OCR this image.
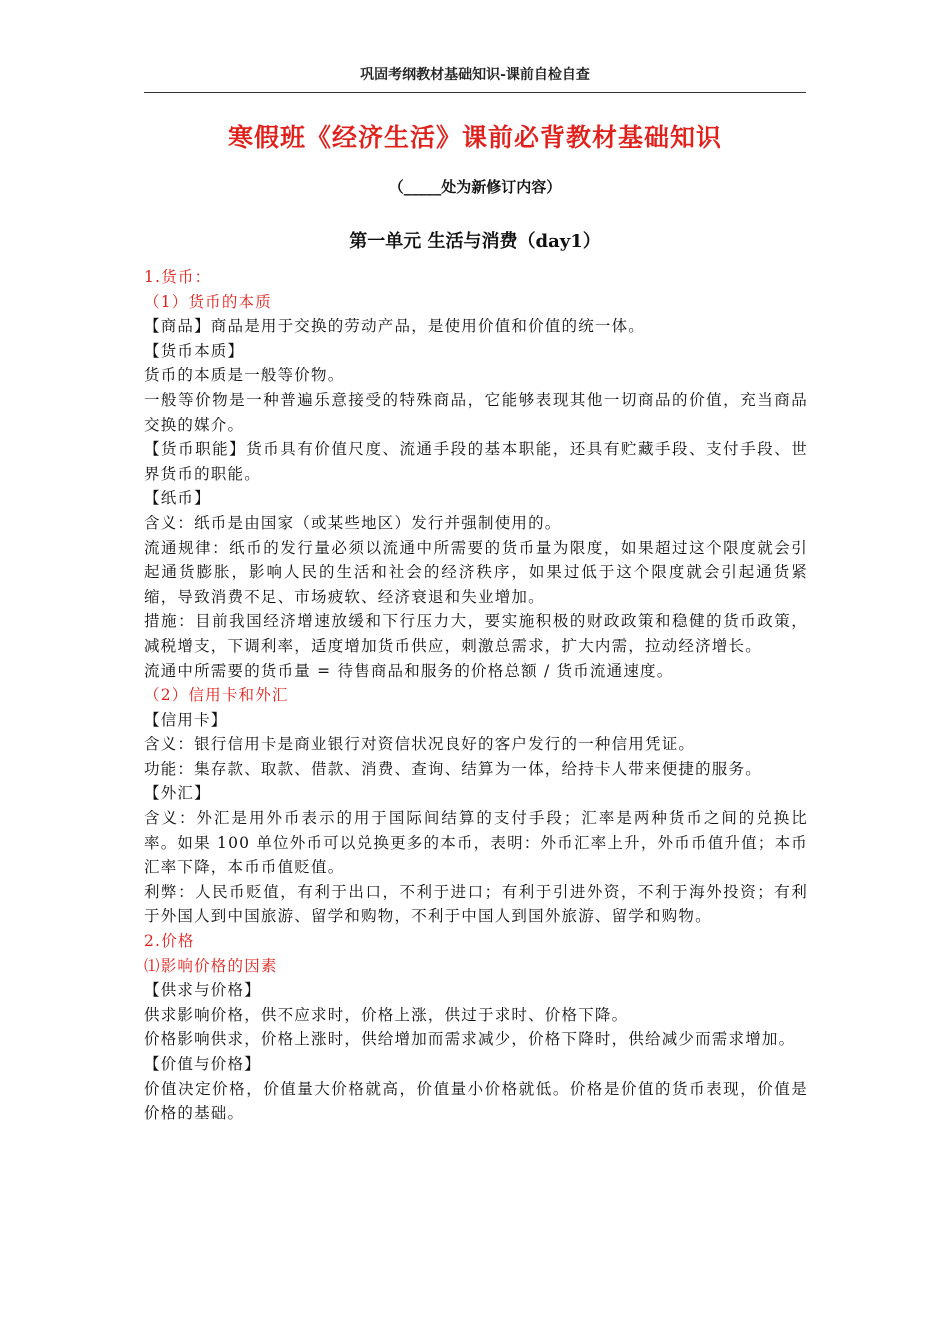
巩固考纲教材基础知识-课前自检自查
寒假班《经济生活》课前必背教材基础知识
（_____处为新修订内容）
第一单元 生活与消费（day1）

1.货币：

（1）货币的本质

【商品】商品是用于交换的劳动产品，是使用价值和价值的统一体。

【货币本质】

货币的本质是一般等价物。

一般等价物是一种普遍乐意接受的特殊商品，它能够表现其他一切商品的价值，充当商品交换的媒介。

【货币职能】货币具有价值尺度、流通手段的基本职能，还具有贮藏手段、支付手段、世界货币的职能。

【纸币】

含义：纸币是由国家（或某些地区）发行并强制使用的。

流通规律：纸币的发行量必须以流通中所需要的货币量为限度，如果超过这个限度就会引起通货膨胀，影响人民的生活和社会的经济秩序，如果过低于这个限度就会引起通货紧缩，导致消费不足、市场疲软、经济衰退和失业增加。

措施：目前我国经济增速放缓和下行压力大，要实施积极的财政政策和稳健的货币政策，减税增支，下调利率，适度增加货币供应，刺激总需求，扩大内需，拉动经济增长。

流通中所需要的货币量 = 待售商品和服务的价格总额 / 货币流通速度。

（2）信用卡和外汇

【信用卡】

含义：银行信用卡是商业银行对资信状况良好的客户发行的一种信用凭证。

功能：集存款、取款、借款、消费、查询、结算为一体，给持卡人带来便捷的服务。

【外汇】

含义：外汇是用外币表示的用于国际间结算的支付手段；汇率是两种货币之间的兑换比率。如果 100 单位外币可以兑换更多的本币，表明：外币汇率上升，外币币值升值；本币汇率下降，本币币值贬值。

利弊：人民币贬值，有利于出口，不利于进口；有利于引进外资，不利于海外投资；有利于外国人到中国旅游、留学和购物，不利于中国人到国外旅游、留学和购物。

2.价格

⑴影响价格的因素

【供求与价格】

供求影响价格，供不应求时，价格上涨，供过于求时、价格下降。

价格影响供求，价格上涨时，供给增加而需求减少，价格下降时，供给减少而需求增加。

【价值与价格】

价值决定价格，价值量大价格就高，价值量小价格就低。价格是价值的货币表现，价值是价格的基础。
